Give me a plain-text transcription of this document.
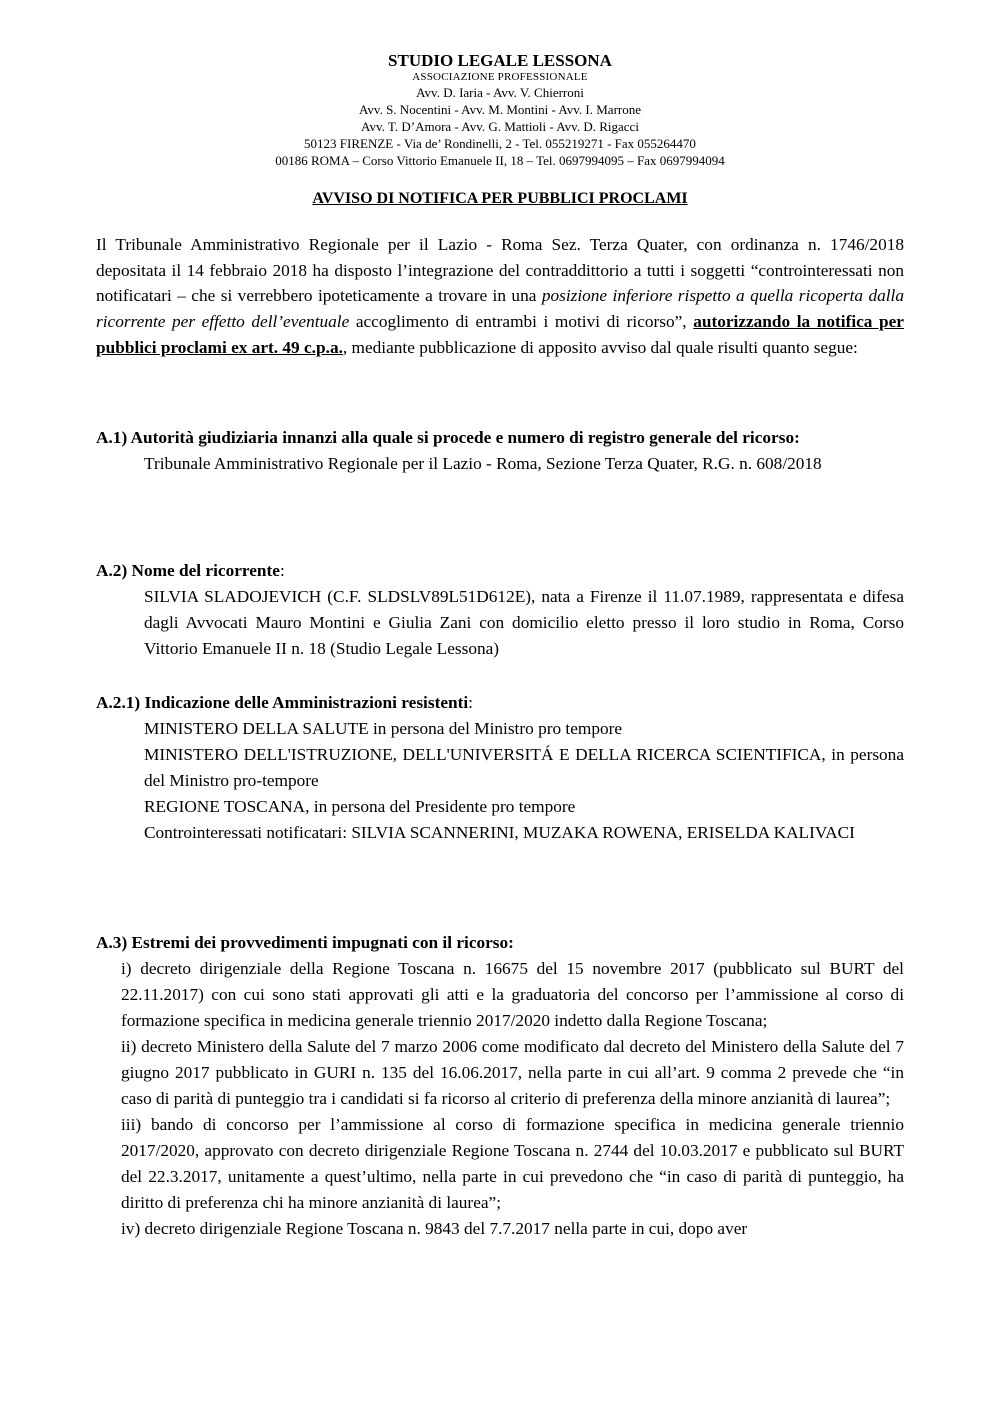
STUDIO LEGALE LESSONA
ASSOCIAZIONE PROFESSIONALE
Avv. D. Iaria - Avv. V. Chierroni
Avv. S. Nocentini - Avv. M. Montini - Avv. I. Marrone
Avv. T. D’Amora - Avv. G. Mattioli - Avv. D. Rigacci
50123 FIRENZE - Via de’ Rondinelli, 2 - Tel. 055219271 - Fax 055264470
00186 ROMA – Corso Vittorio Emanuele II, 18 – Tel. 0697994095 – Fax 0697994094
AVVISO DI NOTIFICA PER PUBBLICI PROCLAMI
Il Tribunale Amministrativo Regionale per il Lazio - Roma Sez. Terza Quater, con ordinanza n. 1746/2018 depositata il 14 febbraio 2018 ha disposto l’integrazione del contraddittorio a tutti i soggetti “controinteressati non notificatari – che si verrebbero ipoteticamente a trovare in una posizione inferiore rispetto a quella ricoperta dalla ricorrente per effetto dell’eventuale accoglimento di entrambi i motivi di ricorso”, autorizzando la notifica per pubblici proclami ex art. 49 c.p.a., mediante pubblicazione di apposito avviso dal quale risulti quanto segue:
A.1) Autorità giudiziaria innanzi alla quale si procede e numero di registro generale del ricorso:
Tribunale Amministrativo Regionale per il Lazio - Roma, Sezione Terza Quater, R.G. n. 608/2018
A.2) Nome del ricorrente:
SILVIA SLADOJEVICH (C.F. SLDSLV89L51D612E), nata a Firenze il 11.07.1989, rappresentata e difesa dagli Avvocati Mauro Montini e Giulia Zani con domicilio eletto presso il loro studio in Roma, Corso Vittorio Emanuele II n. 18 (Studio Legale Lessona)
A.2.1) Indicazione delle Amministrazioni resistenti:

MINISTERO DELLA SALUTE in persona del Ministro pro tempore

MINISTERO DELL'ISTRUZIONE, DELL'UNIVERSITÁ E DELLA RICERCA SCIENTIFICA, in persona del Ministro pro-tempore

REGIONE TOSCANA, in persona del Presidente pro tempore

Controinteressati notificatari: SILVIA SCANNERINI, MUZAKA ROWENA, ERISELDA KALIVACI

A.3) Estremi dei provvedimenti impugnati con il ricorso:

i) decreto dirigenziale della Regione Toscana n. 16675 del 15 novembre 2017 (pubblicato sul BURT del 22.11.2017) con cui sono stati approvati gli atti e la graduatoria del concorso per l’ammissione al corso di formazione specifica in medicina generale triennio 2017/2020 indetto dalla Regione Toscana;

ii) decreto Ministero della Salute del 7 marzo 2006 come modificato dal decreto del Ministero della Salute del 7 giugno 2017 pubblicato in GURI n. 135 del 16.06.2017, nella parte in cui all’art. 9 comma 2 prevede che “in caso di parità di punteggio tra i candidati si fa ricorso al criterio di preferenza della minore anzianità di laurea”;

iii) bando di concorso per l’ammissione al corso di formazione specifica in medicina generale triennio 2017/2020, approvato con decreto dirigenziale Regione Toscana n. 2744 del 10.03.2017 e pubblicato sul BURT del 22.3.2017, unitamente a quest’ultimo, nella parte in cui prevedono che “in caso di parità di punteggio, ha diritto di preferenza chi ha minore anzianità di laurea”;

iv) decreto dirigenziale Regione Toscana n. 9843 del 7.7.2017 nella parte in cui, dopo aver
